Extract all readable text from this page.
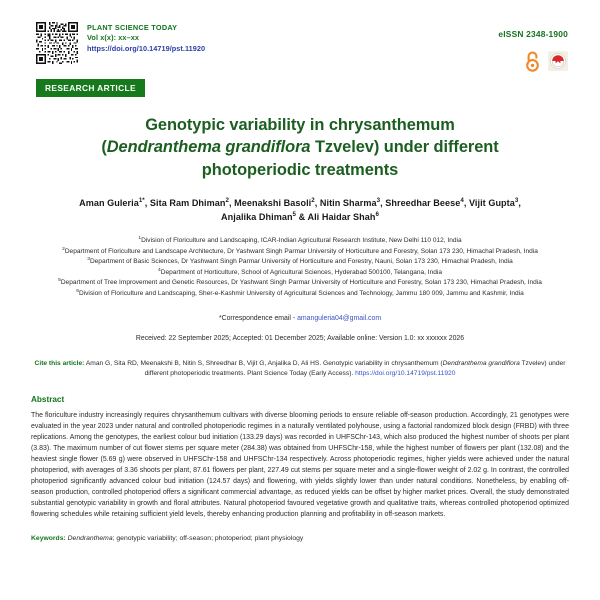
PLANT SCIENCE TODAY
Vol x(x): xx–xx
https://doi.org/10.14719/pst.11920
eISSN 2348-1900
RESEARCH ARTICLE
Genotypic variability in chrysanthemum
(Dendranthema grandiflora Tzvelev) under different
photoperiodic treatments
Aman Guleria$^{1*}$, Sita Ram Dhiman$^2$, Meenakshi Basoli$^2$, Nitin Sharma$^3$, Shreedhar Beese$^4$, Vijit Gupta$^3$,
Anjalika Dhiman$^5$ & Ali Haidar Shah$^6$

$^1$Division of Floriculture and Landscaping, ICAR-Indian Agricultural Research Institute, New Delhi 110 012, India

$^2$Department of Floriculture and Landscape Architecture, Dr Yashwant Singh Parmar University of Horticulture and Forestry, Solan 173 230, Himachal Pradesh, India

$^3$Department of Basic Sciences, Dr Yashwant Singh Parmar University of Horticulture and Forestry, Nauni, Solan 173 230, Himachal Pradesh, India

$^4$Department of Horticulture, School of Agricultural Sciences, Hyderabad 500100, Telangana, India

$^5$Department of Tree Improvement and Genetic Resources, Dr Yashwant Singh Parmar University of Horticulture and Forestry, Solan 173 230, Himachal Pradesh, India

$^6$Division of Floriculture and Landscaping, Sher-e-Kashmir University of Agricultural Sciences and Technology, Jammu 180 009, Jammu and Kashmir, India

*Correspondence email - amanguleria04@gmail.com
Received: 22 September 2025; Accepted: 01 December 2025; Available online: Version 1.0: xx xxxxxx 2026
Cite this article: Aman G, Sita RD, Meenakshi B, Nitin S, Shreedhar B, Vijit G, Anjalika D, Ali HS. Genotypic variability in chrysanthemum (Dendranthema grandiflora Tzvelev) under different photoperiodic treatments. Plant Science Today (Early Access). https://doi.org/10.14719/pst.11920
Abstract
The floriculture industry increasingly requires chrysanthemum cultivars with diverse blooming periods to ensure reliable off-season production. Accordingly, 21 genotypes were evaluated in the year 2023 under natural and controlled photoperiodic regimes in a naturally ventilated polyhouse, using a factorial randomized block design (FRBD) with three replications. Among the genotypes, the earliest colour bud initiation (133.29 days) was recorded in UHFSChr-143, which also produced the highest number of shoots per plant (3.83). The maximum number of cut flower stems per square meter (284.38) was obtained from UHFSChr-158, while the highest number of flowers per plant (132.08) and the heaviest single flower (5.69 g) were observed in UHFSChr-158 and UHFSChr-134 respectively. Across photoperiodic regimes, higher yields were achieved under the natural photoperiod, with averages of 3.36 shoots per plant, 87.61 flowers per plant, 227.49 cut stems per square meter and a single-flower weight of 2.02 g. In contrast, the controlled photoperiod significantly advanced colour bud initiation (124.57 days) and flowering, with yields slightly lower than under natural conditions. Nonetheless, by enabling off-season production, controlled photoperiod offers a significant commercial advantage, as reduced yields can be offset by higher market prices. Overall, the study demonstrated substantial genotypic variability in growth and floral attributes. Natural photoperiod favoured vegetative growth and qualitative traits, whereas controlled photoperiod optimized flowering schedules while retaining sufficient yield levels, thereby enhancing production planning and profitability in off-season markets.
Keywords: Dendranthema; genotypic variability; off-season; photoperiod; plant physiology
